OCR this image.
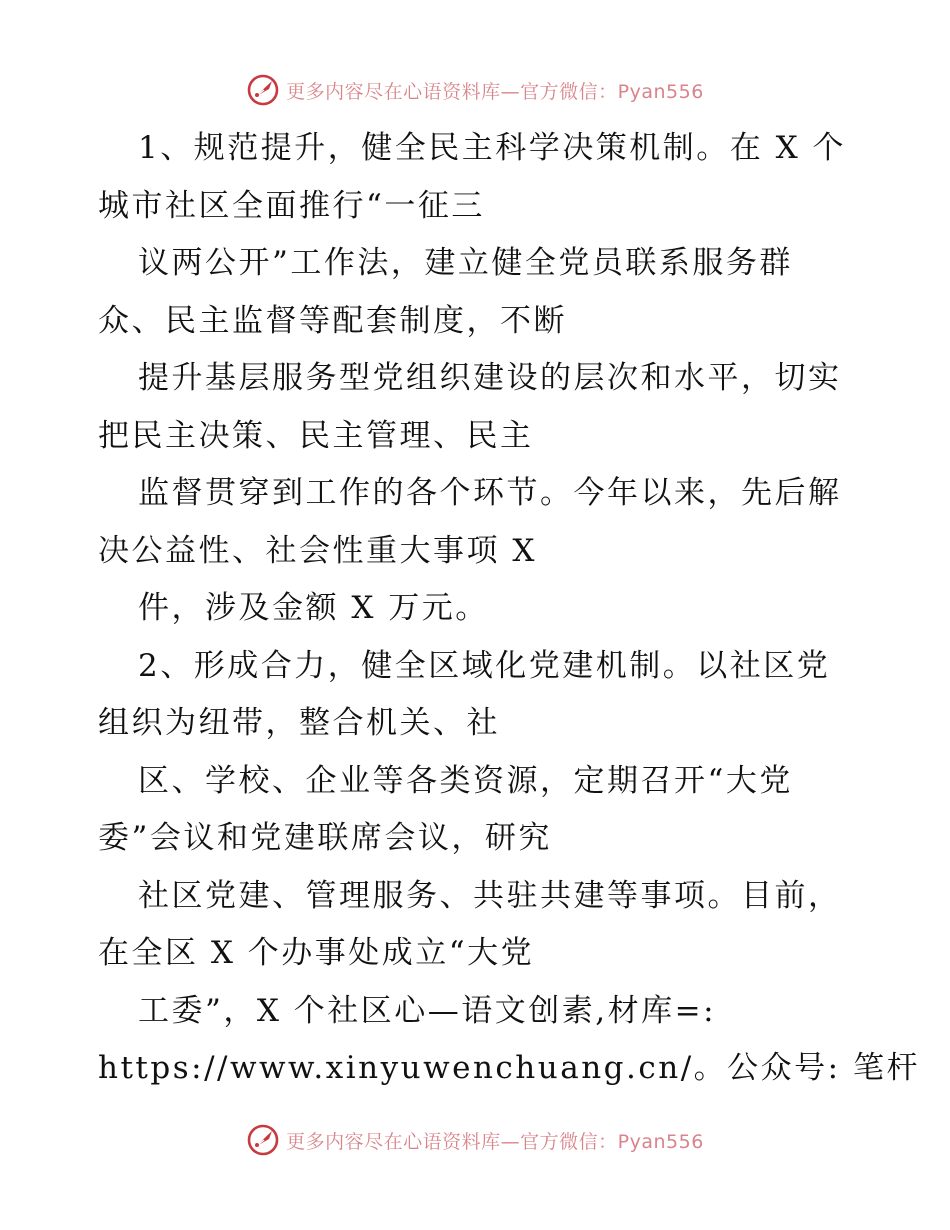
更多内容尽在心语资料库—官方微信：Pyan556
1、规范提升，健全民主科学决策机制。在 X 个
城市社区全面推行“一征三
议两公开”工作法，建立健全党员联系服务群
众、民主监督等配套制度，不断
提升基层服务型党组织建设的层次和水平，切实
把民主决策、民主管理、民主
监督贯穿到工作的各个环节。今年以来，先后解
决公益性、社会性重大事项 X
件，涉及金额 X 万元。
2、形成合力，健全区域化党建机制。以社区党
组织为纽带，整合机关、社
区、学校、企业等各类资源，定期召开“大党
委”会议和党建联席会议，研究
社区党建、管理服务、共驻共建等事项。目前，
在全区 X 个办事处成立“大党
工委”，X 个社区心—语文创素,材库=:
https://www.xinyuwenchuang.cn/。公众号: 笔杆
更多内容尽在心语资料库—官方微信：Pyan556
